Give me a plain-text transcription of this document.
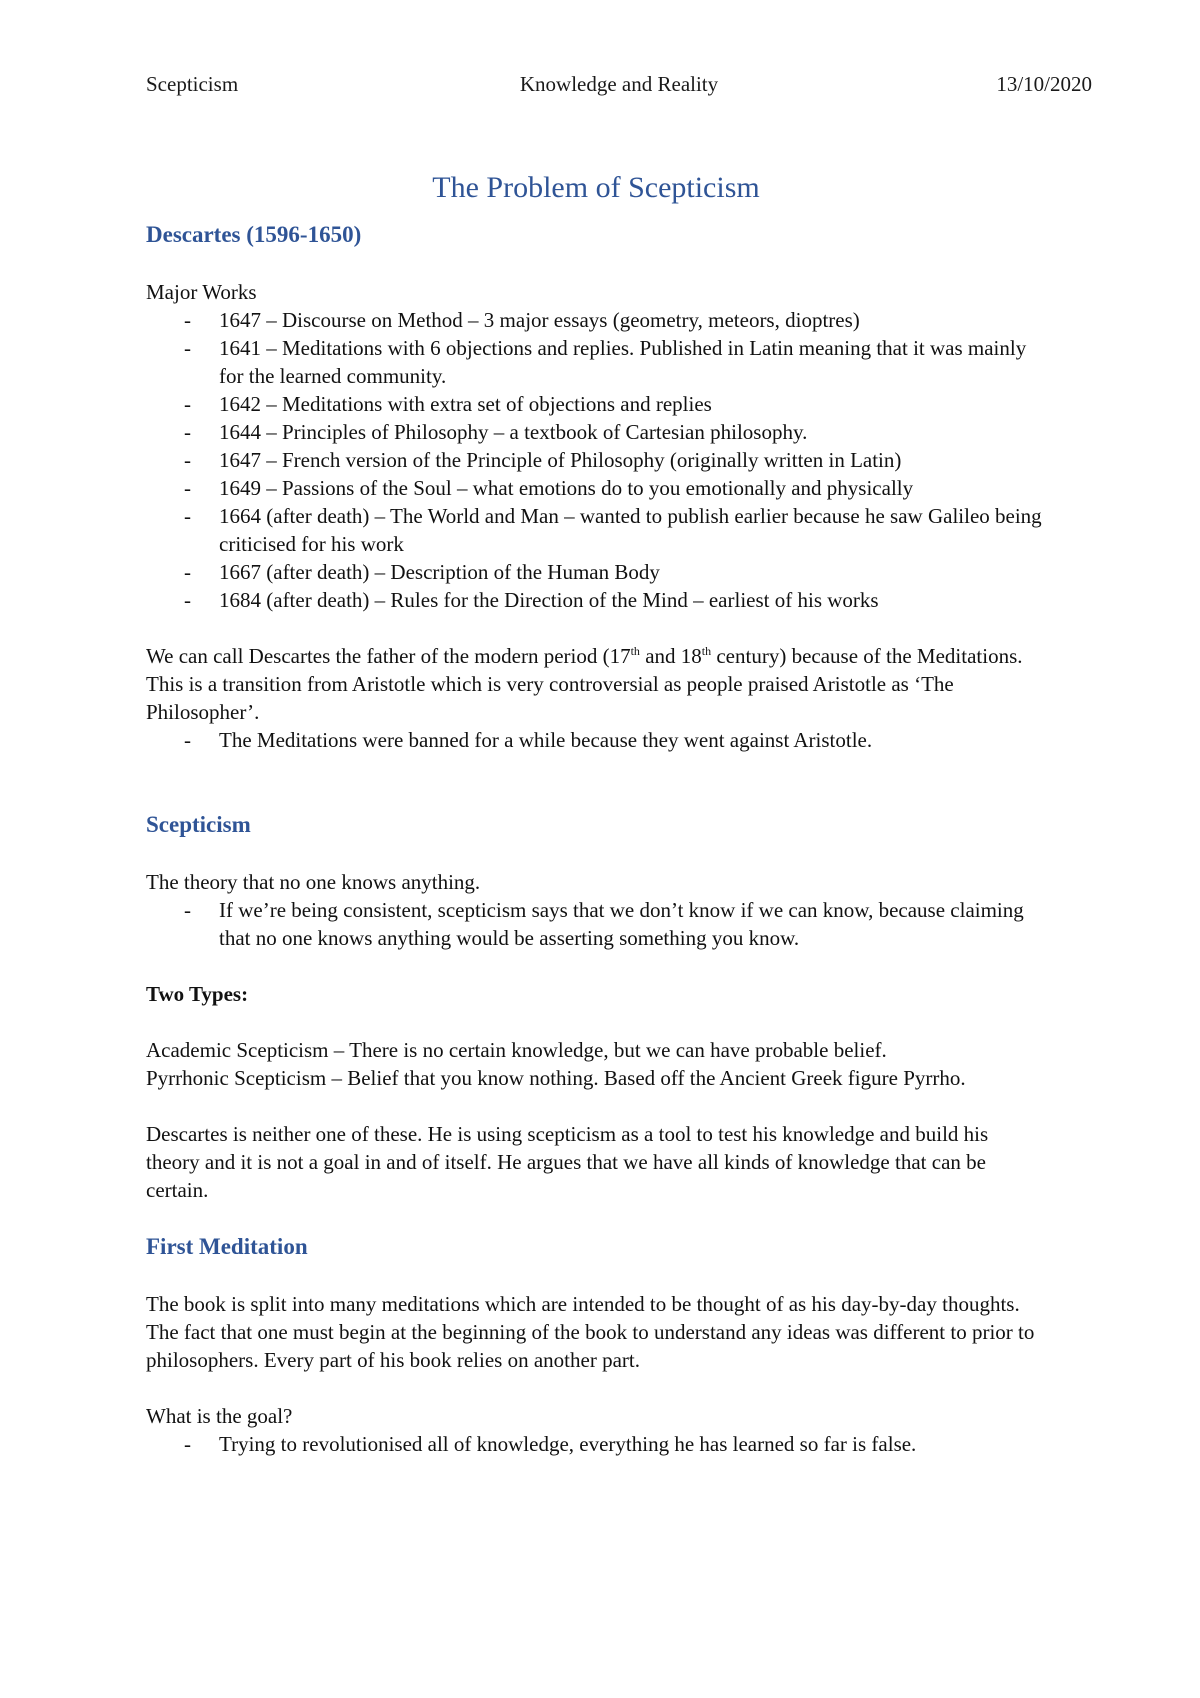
Scepticism	Knowledge and Reality	13/10/2020
The Problem of Scepticism
Descartes (1596-1650)

Major Works

- 1647 – Discourse on Method – 3 major essays (geometry, meteors, dioptres)
- 1641 – Meditations with 6 objections and replies. Published in Latin meaning that it was mainly for the learned community.
- 1642 – Meditations with extra set of objections and replies
- 1644 – Principles of Philosophy – a textbook of Cartesian philosophy.
- 1647 – French version of the Principle of Philosophy (originally written in Latin)
- 1649 – Passions of the Soul – what emotions do to you emotionally and physically
- 1664 (after death) – The World and Man – wanted to publish earlier because he saw Galileo being criticised for his work
- 1667 (after death) – Description of the Human Body
- 1684 (after death) – Rules for the Direction of the Mind – earliest of his works

We can call Descartes the father of the modern period (17th and 18th century) because of the Meditations. This is a transition from Aristotle which is very controversial as people praised Aristotle as ‘The Philosopher’.

- The Meditations were banned for a while because they went against Aristotle.
Scepticism

The theory that no one knows anything.

- If we’re being consistent, scepticism says that we don’t know if we can know, because claiming that no one knows anything would be asserting something you know.

Two Types:

Academic Scepticism – There is no certain knowledge, but we can have probable belief.

Pyrrhonic Scepticism – Belief that you know nothing. Based off the Ancient Greek figure Pyrrho.

Descartes is neither one of these. He is using scepticism as a tool to test his knowledge and build his theory and it is not a goal in and of itself. He argues that we have all kinds of knowledge that can be certain.

First Meditation

The book is split into many meditations which are intended to be thought of as his day-by-day thoughts. The fact that one must begin at the beginning of the book to understand any ideas was different to prior to philosophers. Every part of his book relies on another part.

What is the goal?

- Trying to revolutionised all of knowledge, everything he has learned so far is false.
